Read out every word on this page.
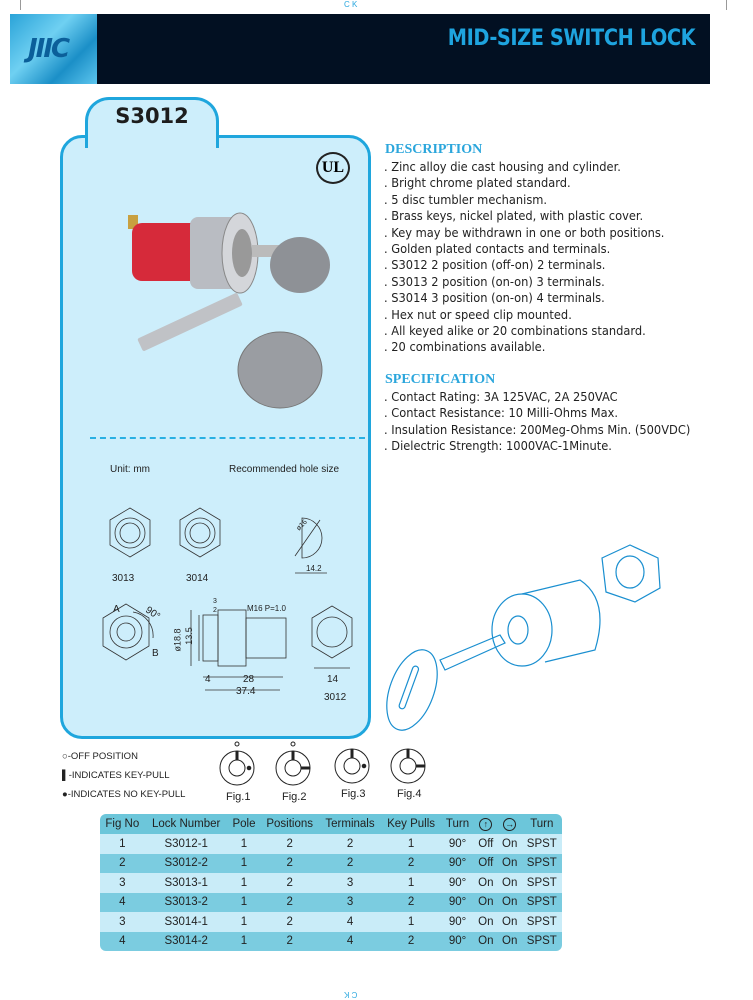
C K
JIIC	MID-SIZE SWITCH LOCK
S3012
UL
DESCRIPTION
. Zinc alloy die cast housing and cylinder.
. Bright chrome plated standard.
. 5 disc tumbler mechanism.
. Brass keys, nickel plated, with plastic cover.
. Key may be withdrawn in one or both positions.
. Golden plated contacts and terminals.
. S3012 2 position (off-on) 2 terminals.
. S3013 2 position (on-on) 3 terminals.
. S3014 3 position (on-on) 4 terminals.
. Hex nut or speed clip mounted.
. All keyed alike or 20 combinations standard.
. 20 combinations available.
SPECIFICATION
. Contact Rating: 3A 125VAC, 2A 250VAC
. Contact Resistance: 10 Milli-Ohms Max.
. Insulation Resistance: 200Meg-Ohms Min. (500VDC)
. Dielectric Strength: 1000VAC-1Minute.
Unit: mm	Recommended hole size
3013	3014
ø16
14.2
A
B
90°
3
2	M16 P=1.0
ø18.8 13.5
4	28
37.4
14
3012
○-OFF POSITION
▌-INDICATES KEY-PULL
●-INDICATES NO KEY-PULL	Fig.1	Fig.2	Fig.3	Fig.4
Fig No	Lock Number	Pole	Positions	Terminals	Key Pulls	Turn	↑	→	Turn
1	S3012-1	1	2	2	1	90°	Off	On	SPST
2	S3012-2	1	2	2	2	90°	Off	On	SPST
3	S3013-1	1	2	3	1	90°	On	On	SPST
4	S3013-2	1	2	3	2	90°	On	On	SPST
3	S3014-1	1	2	4	1	90°	On	On	SPST
4	S3014-2	1	2	4	2	90°	On	On	SPST
C K
